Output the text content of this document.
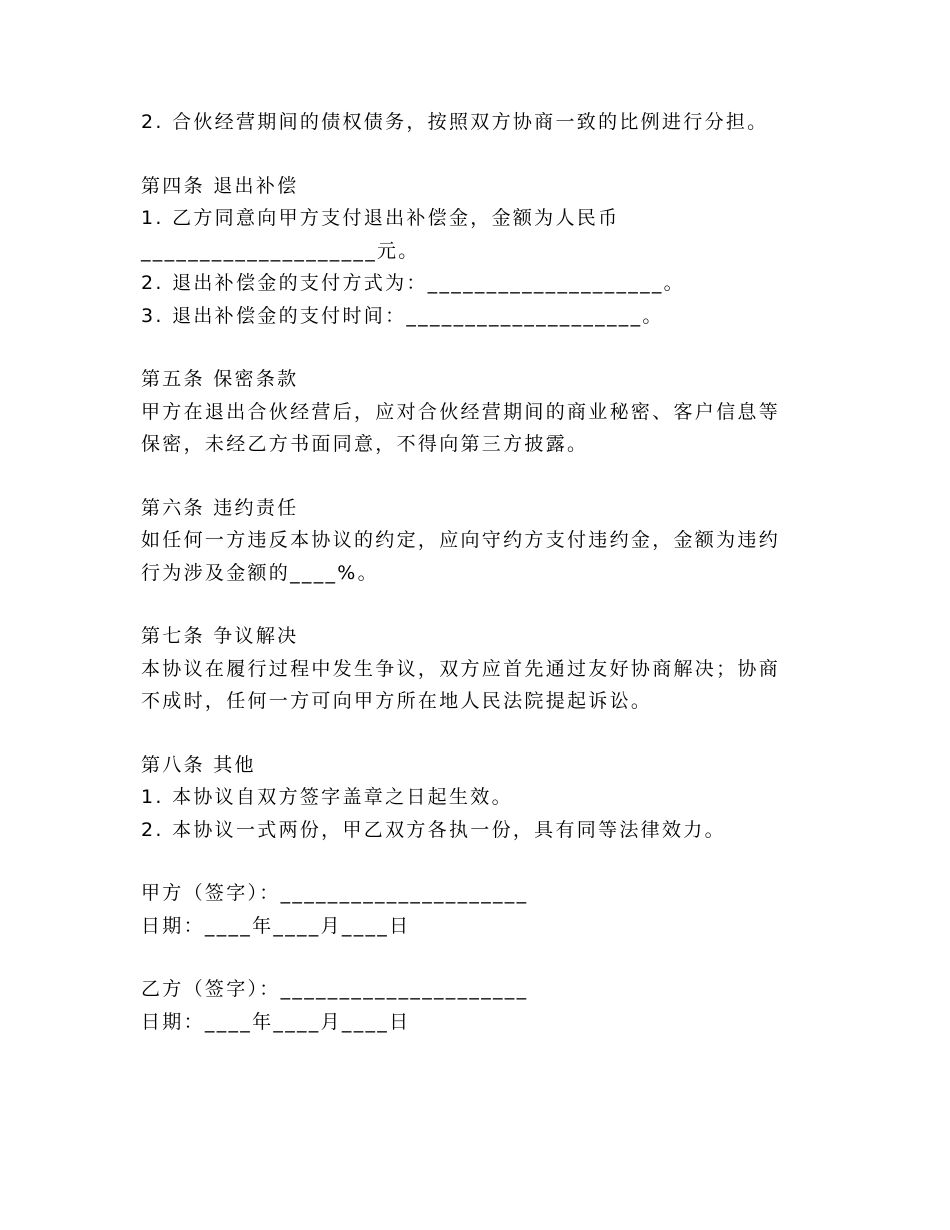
2. 合伙经营期间的债权债务，按照双方协商一致的比例进行分担。
第四条 退出补偿
1. 乙方同意向甲方支付退出补偿金，金额为人民币
____________________元。
2. 退出补偿金的支付方式为：____________________。
3. 退出补偿金的支付时间：____________________。
第五条 保密条款
甲方在退出合伙经营后，应对合伙经营期间的商业秘密、客户信息等
保密，未经乙方书面同意，不得向第三方披露。
第六条 违约责任
如任何一方违反本协议的约定，应向守约方支付违约金，金额为违约
行为涉及金额的____%。
第七条 争议解决
本协议在履行过程中发生争议，双方应首先通过友好协商解决；协商
不成时，任何一方可向甲方所在地人民法院提起诉讼。
第八条 其他
1. 本协议自双方签字盖章之日起生效。
2. 本协议一式两份，甲乙双方各执一份，具有同等法律效力。
甲方（签字）：_____________________
日期：____年____月____日
乙方（签字）：_____________________
日期：____年____月____日
